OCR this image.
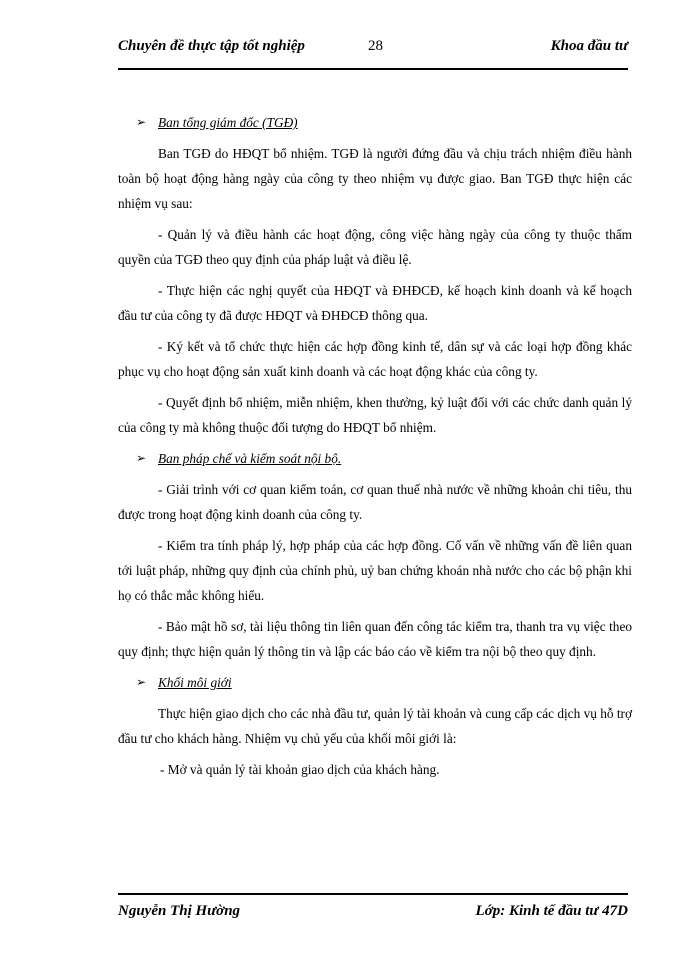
Chuyên đề thực tập tốt nghiệp	28	Khoa đầu tư
➢ Ban tổng giám đốc (TGĐ)

Ban TGĐ do HĐQT bổ nhiệm. TGĐ là người đứng đầu và chịu trách nhiệm điều hành toàn bộ hoạt động hàng ngày của công ty theo nhiệm vụ được giao. Ban TGĐ thực hiện các nhiệm vụ sau:

- Quản lý và điều hành các hoạt động, công việc hàng ngày của công ty thuộc thẩm quyền của TGĐ theo quy định của pháp luật và điều lệ.

- Thực hiện các nghị quyết của HĐQT và ĐHĐCĐ, kế hoạch kinh doanh và kế hoạch đầu tư của công ty đã được HĐQT và ĐHĐCĐ thông qua.

- Ký kết và tổ chức thực hiện các hợp đồng kinh tế, dân sự và các loại hợp đồng khác phục vụ cho hoạt động sản xuất kinh doanh và các hoạt động khác của công ty.

- Quyết định bổ nhiệm, miễn nhiệm, khen thưởng, kỷ luật đối với các chức danh quản lý của công ty mà không thuộc đối tượng do HĐQT bổ nhiệm.

➢ Ban pháp chế và kiểm soát nội bộ.

- Giải trình với cơ quan kiểm toán, cơ quan thuế nhà nước về những khoản chi tiêu, thu được trong hoạt động kinh doanh của công ty.

- Kiểm tra tính pháp lý, hợp pháp của các hợp đồng. Cố vấn về những vấn đề liên quan tới luật pháp, những quy định của chính phủ, uỷ ban chứng khoán nhà nước cho các bộ phận khi họ có thắc mắc không hiểu.

- Bảo mật hồ sơ, tài liệu thông tin liên quan đến công tác kiểm tra, thanh tra vụ việc theo quy định; thực hiện quản lý thông tin và lập các báo cáo về kiểm tra nội bộ theo quy định.

➢ Khối môi giới

Thực hiện giao dịch cho các nhà đầu tư, quản lý tài khoản và cung cấp các dịch vụ hỗ trợ đầu tư cho khách hàng. Nhiệm vụ chủ yếu của khối môi giới là:

- Mở và quản lý tài khoản giao dịch của khách hàng.

Nguyễn Thị Hường	Lớp: Kinh tế đầu tư 47D
